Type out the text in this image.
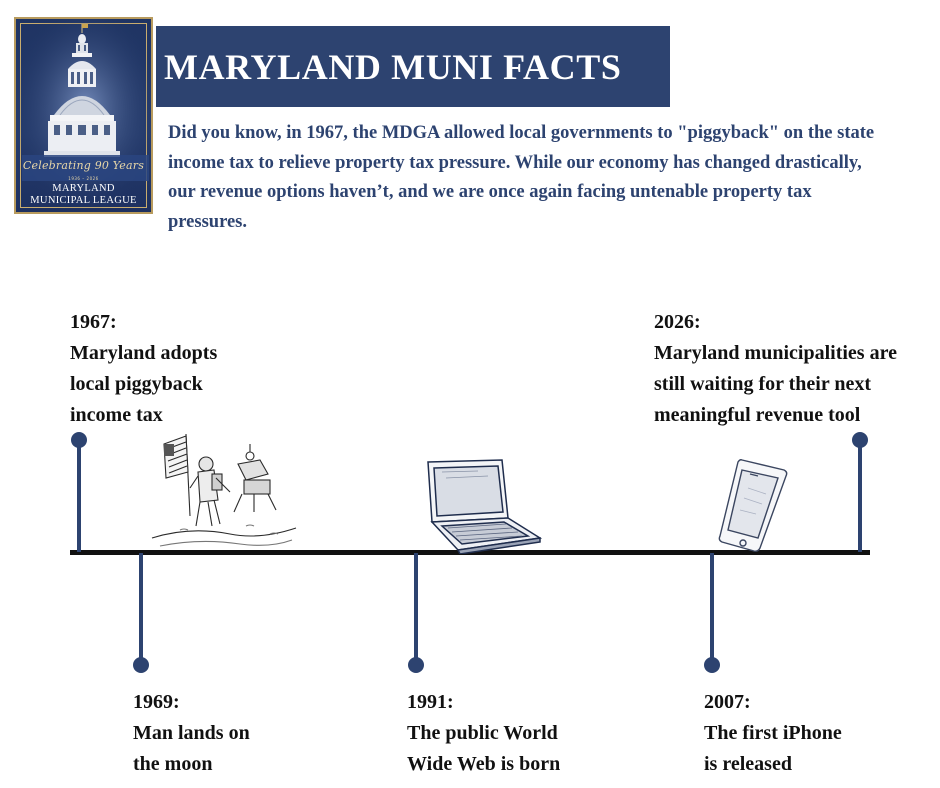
Celebrating 90 Years
1936 – 2026
MARYLAND
MUNICIPAL LEAGUE
MARYLAND MUNI FACTS

Did you know, in 1967, the MDGA allowed local governments to "piggyback" on the state income tax to relieve property tax pressure. While our economy has changed drastically, our revenue options haven’t, and we are once again facing untenable property tax pressures.

1967:
Maryland adopts
local piggyback
income tax
2026:
Maryland municipalities are
still waiting for their next
meaningful revenue tool
1969:
Man lands on
the moon
1991:
The public World
Wide Web is born
2007:
The first iPhone
is released
